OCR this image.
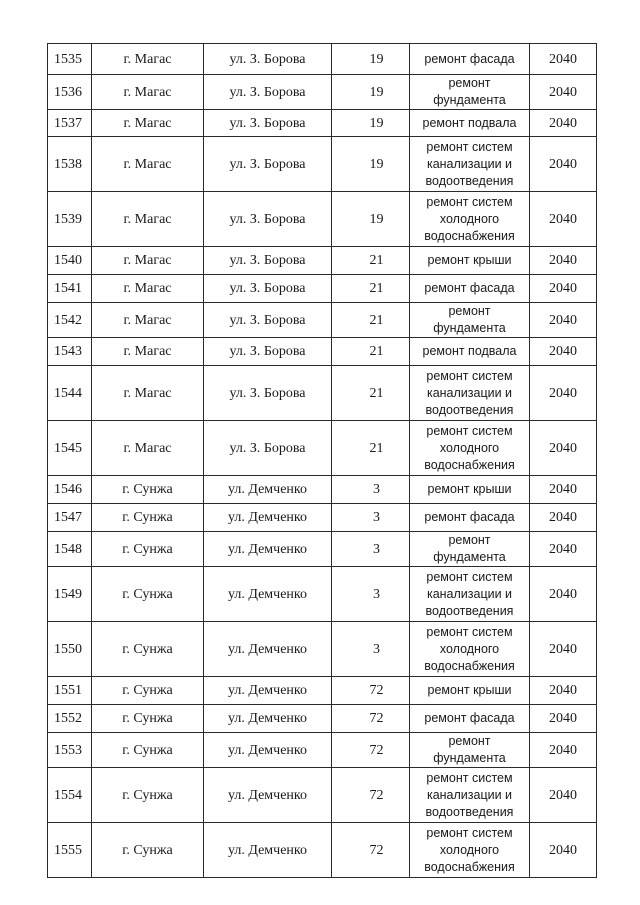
1535	г. Магас	ул. З. Борова	19	ремонт фасада	2040
1536	г. Магас	ул. З. Борова	19	ремонт
фундамента	2040
1537	г. Магас	ул. З. Борова	19	ремонт подвала	2040
1538	г. Магас	ул. З. Борова	19	ремонт систем
канализации и
водоотведения	2040
1539	г. Магас	ул. З. Борова	19	ремонт систем
холодного
водоснабжения	2040
1540	г. Магас	ул. З. Борова	21	ремонт крыши	2040
1541	г. Магас	ул. З. Борова	21	ремонт фасада	2040
1542	г. Магас	ул. З. Борова	21	ремонт
фундамента	2040
1543	г. Магас	ул. З. Борова	21	ремонт подвала	2040
1544	г. Магас	ул. З. Борова	21	ремонт систем
канализации и
водоотведения	2040
1545	г. Магас	ул. З. Борова	21	ремонт систем
холодного
водоснабжения	2040
1546	г. Сунжа	ул. Демченко	3	ремонт крыши	2040
1547	г. Сунжа	ул. Демченко	3	ремонт фасада	2040
1548	г. Сунжа	ул. Демченко	3	ремонт
фундамента	2040
1549	г. Сунжа	ул. Демченко	3	ремонт систем
канализации и
водоотведения	2040
1550	г. Сунжа	ул. Демченко	3	ремонт систем
холодного
водоснабжения	2040
1551	г. Сунжа	ул. Демченко	72	ремонт крыши	2040
1552	г. Сунжа	ул. Демченко	72	ремонт фасада	2040
1553	г. Сунжа	ул. Демченко	72	ремонт
фундамента	2040
1554	г. Сунжа	ул. Демченко	72	ремонт систем
канализации и
водоотведения	2040
1555	г. Сунжа	ул. Демченко	72	ремонт систем
холодного
водоснабжения	2040
